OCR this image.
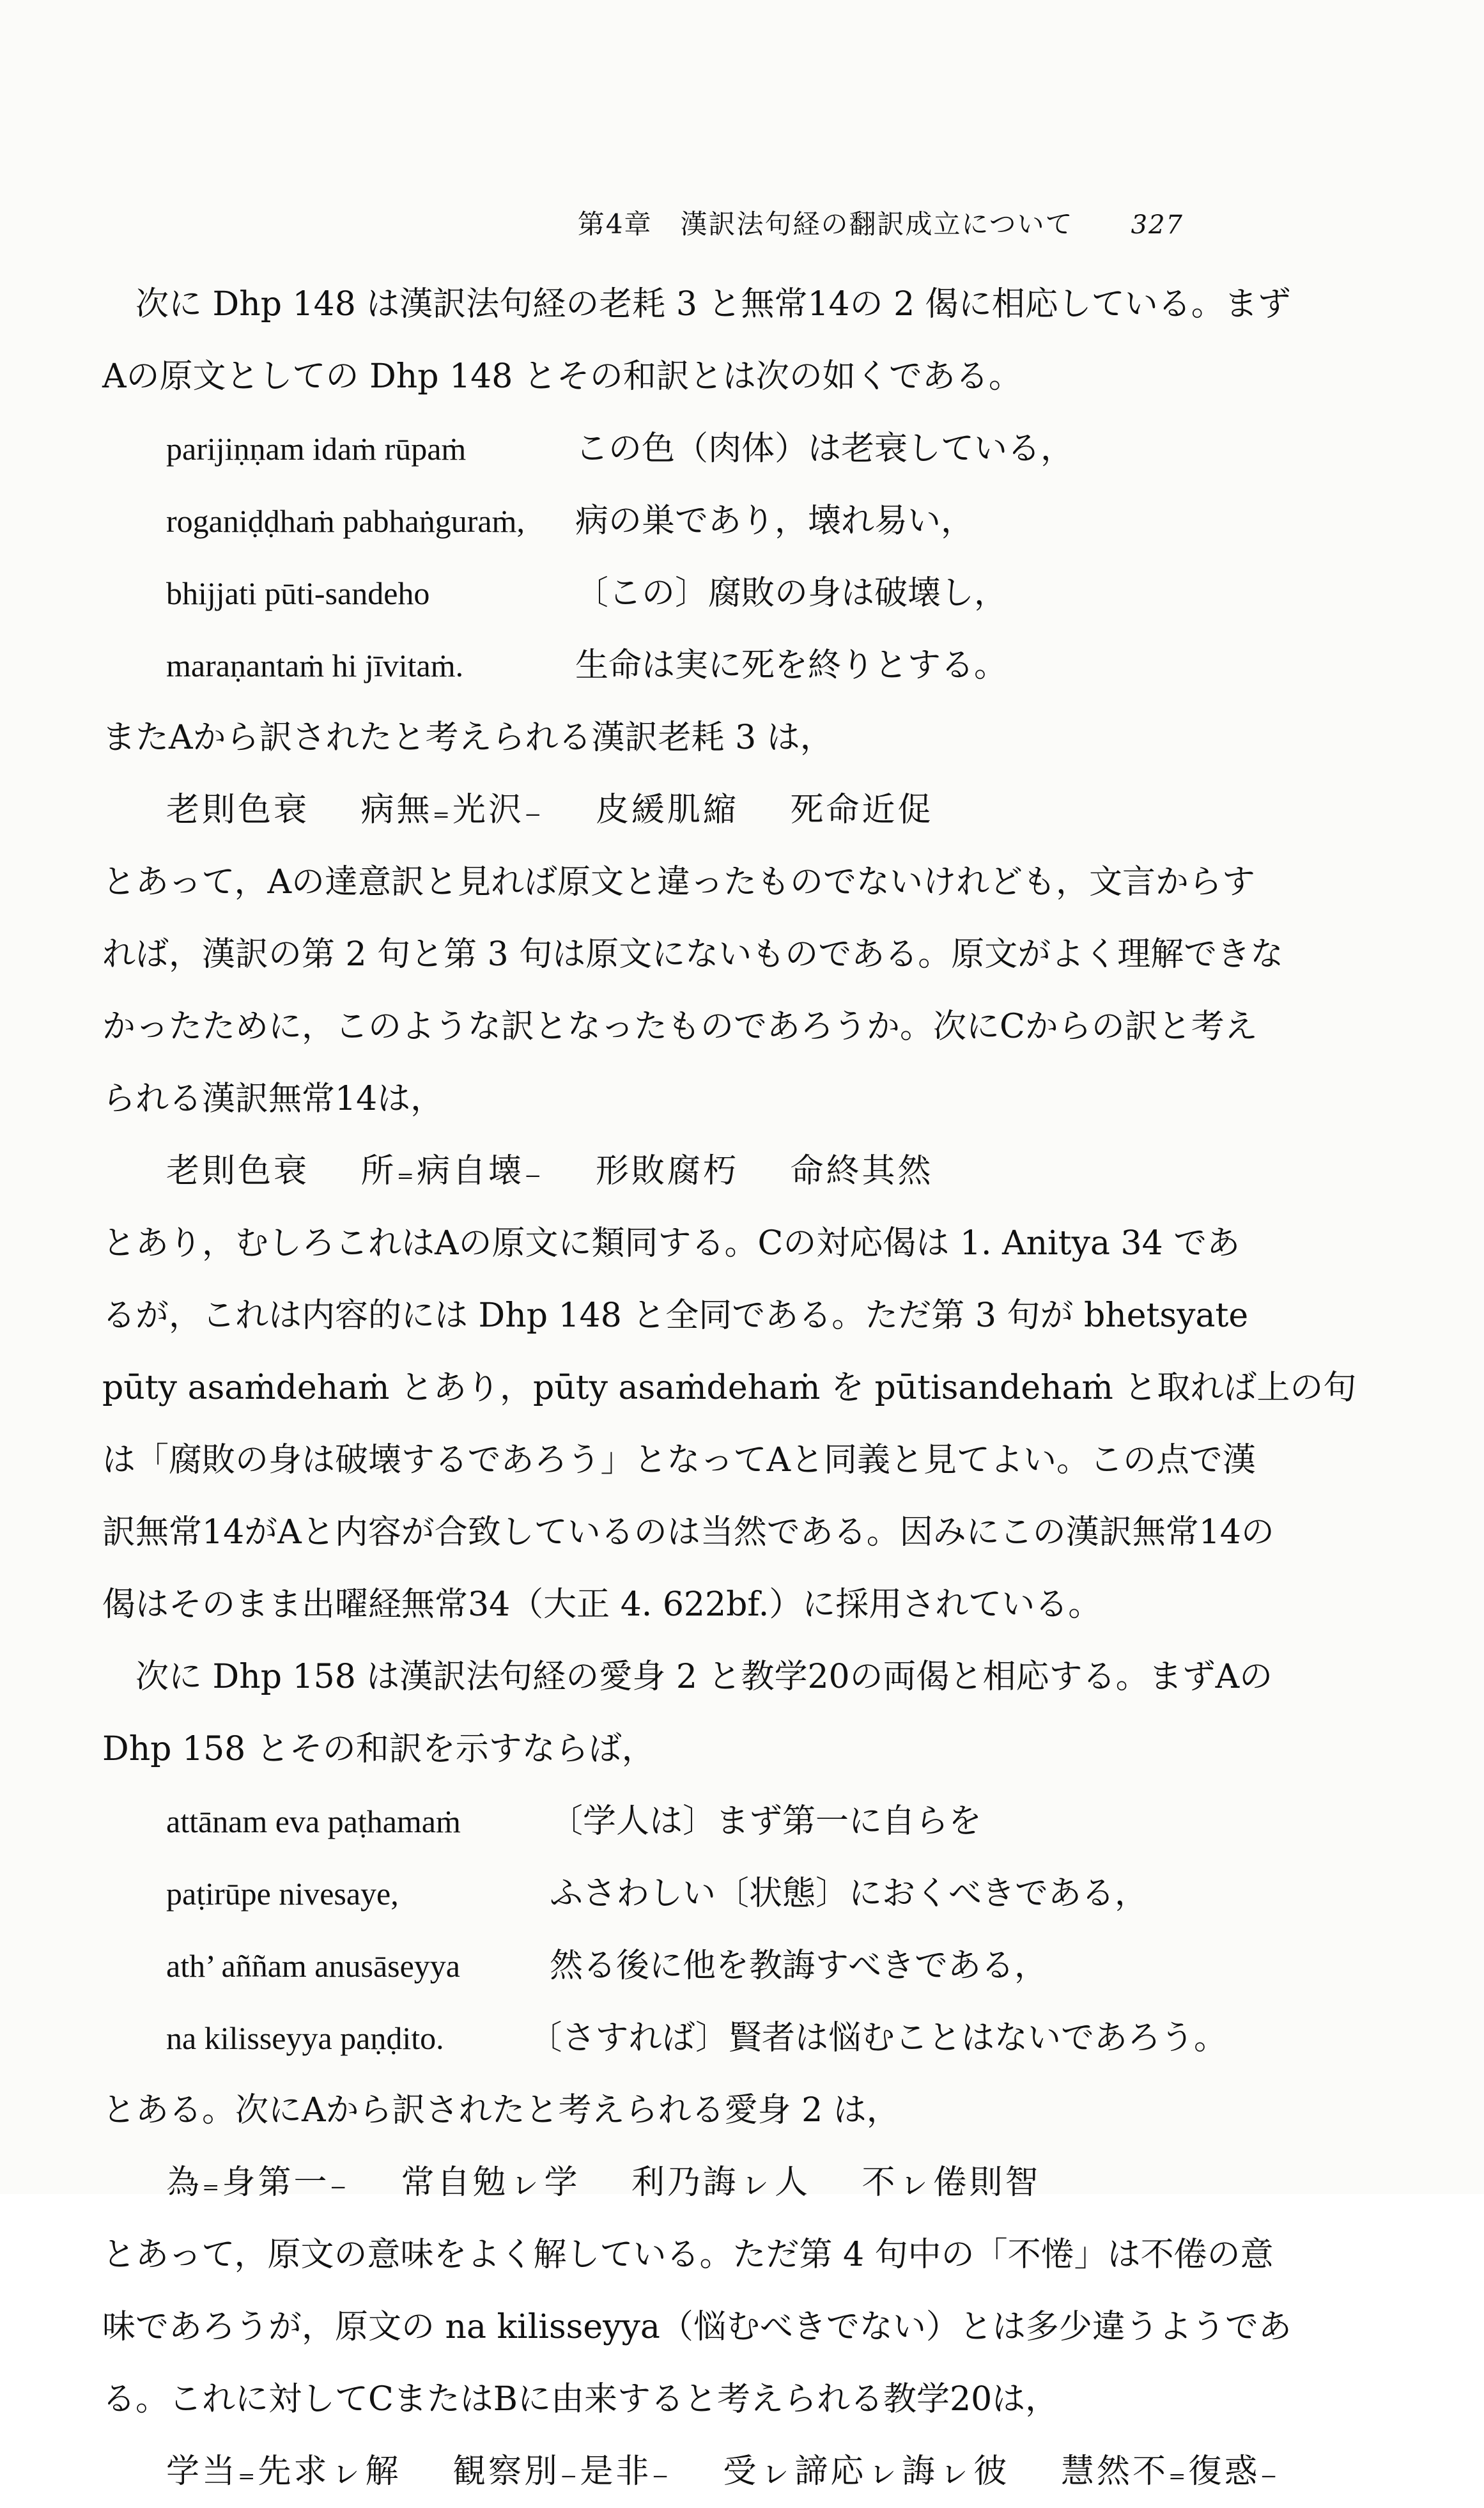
第4章　漢訳法句経の翻訳成立について 327
次に Dhp 148 は漢訳法句経の老耗 3 と無常14の 2 偈に相応している。まず
Aの原文としての Dhp 148 とその和訳とは次の如くである。
parijiṇṇam idaṁ rūpaṁ	この色（肉体）は老衰している，
roganiḍḍhaṁ pabhaṅguraṁ,	病の巣であり，壊れ易い，
bhijjati pūti-sandeho	〔この〕腐敗の身は破壊し，
maraṇantaṁ hi jīvitaṁ.	生命は実に死を終りとする。
またAから訳されたと考えられる漢訳老耗 3 は，
老則色衰 病無₌光沢₋ 皮緩肌縮 死命近促
とあって，Aの達意訳と見れば原文と違ったものでないけれども，文言からす
れば，漢訳の第 2 句と第 3 句は原文にないものである。原文がよく理解できな
かったために，このような訳となったものであろうか。次にCからの訳と考え
られる漢訳無常14は，
老則色衰 所₌病自壊₋ 形敗腐朽 命終其然
とあり，むしろこれはAの原文に類同する。Cの対応偈は 1. Anitya 34 であ
るが，これは内容的には Dhp 148 と全同である。ただ第 3 句が bhetsyate
pūty asaṁdehaṁ とあり，pūty asaṁdehaṁ を pūtisandehaṁ と取れば上の句
は「腐敗の身は破壊するであろう」となってAと同義と見てよい。この点で漢
訳無常14がAと内容が合致しているのは当然である。因みにこの漢訳無常14の
偈はそのまま出曜経無常34（大正 4. 622bf.）に採用されている。
次に Dhp 158 は漢訳法句経の愛身 2 と教学20の両偈と相応する。まずAの
Dhp 158 とその和訳を示すならば，
attānam eva paṭhamaṁ	〔学人は〕まず第一に自らを
paṭirūpe nivesaye,	ふさわしい〔状態〕におくべきである，
ath’ aññam anusāseyya	然る後に他を教誨すべきである，
na kilisseyya paṇḍito.	〔さすれば〕賢者は悩むことはないであろう。
とある。次にAから訳されたと考えられる愛身 2 は，
為₌身第一₋ 常自勉ㇾ学 利乃誨ㇾ人 不ㇾ倦則智
とあって，原文の意味をよく解している。ただ第 4 句中の「不惓」は不倦の意
味であろうが，原文の na kilisseyya（悩むべきでない）とは多少違うようであ
る。これに対してCまたはBに由来すると考えられる教学20は，
学当₌先求ㇾ解 観察別₋是非₋ 受ㇾ諦応ㇾ誨ㇾ彼 慧然不₌復惑₋
